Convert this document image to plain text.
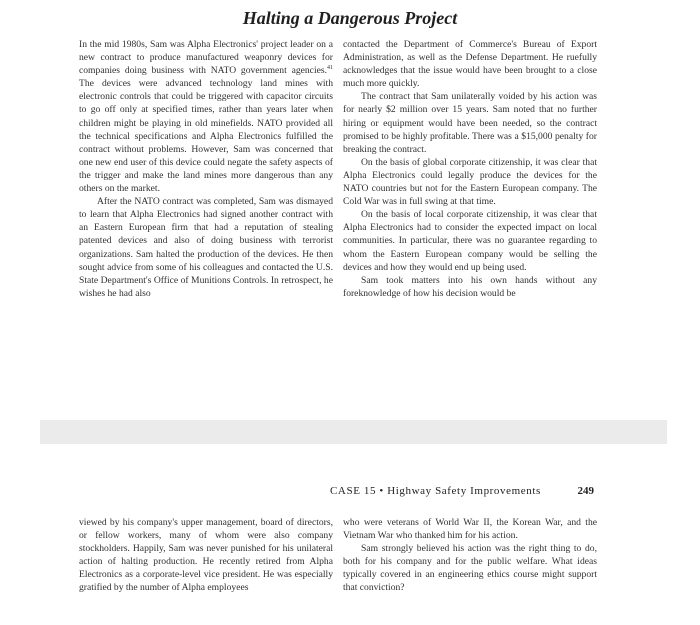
Halting a Dangerous Project

In the mid 1980s, Sam was Alpha Electronics' project leader on a new contract to produce manufactured weaponry devices for companies doing business with NATO government agencies.$^{41}$ The devices were advanced technology land mines with electronic controls that could be triggered with capacitor circuits to go off only at specified times, rather than years later when children might be playing in old minefields. NATO provided all the technical specifications and Alpha Electronics fulfilled the contract without problems. However, Sam was concerned that one new end user of this device could negate the safety aspects of the trigger and make the land mines more dangerous than any others on the market.

After the NATO contract was completed, Sam was dismayed to learn that Alpha Electronics had signed another contract with an Eastern European firm that had a reputation of stealing patented devices and also of doing business with terrorist organizations. Sam halted the production of the devices. He then sought advice from some of his colleagues and contacted the U.S. State Department's Office of Munitions Controls. In retrospect, he wishes he had also

contacted the Department of Commerce's Bureau of Export Administration, as well as the Defense Department. He ruefully acknowledges that the issue would have been brought to a close much more quickly.

The contract that Sam unilaterally voided by his action was for nearly $2 million over 15 years. Sam noted that no further hiring or equipment would have been needed, so the contract promised to be highly profitable. There was a $15,000 penalty for breaking the contract.

On the basis of global corporate citizenship, it was clear that Alpha Electronics could legally produce the devices for the NATO countries but not for the Eastern European company. The Cold War was in full swing at that time.

On the basis of local corporate citizenship, it was clear that Alpha Electronics had to consider the expected impact on local communities. In particular, there was no guarantee regarding to whom the Eastern European company would be selling the devices and how they would end up being used.

Sam took matters into his own hands without any foreknowledge of how his decision would be

CASE 15 • Highway Safety Improvements	249

viewed by his company's upper management, board of directors, or fellow workers, many of whom were also company stockholders. Happily, Sam was never punished for his unilateral action of halting production. He recently retired from Alpha Electronics as a corporate-level vice president. He was especially gratified by the number of Alpha employees

who were veterans of World War II, the Korean War, and the Vietnam War who thanked him for his action.

Sam strongly believed his action was the right thing to do, both for his company and for the public welfare. What ideas typically covered in an engineering ethics course might support that conviction?
